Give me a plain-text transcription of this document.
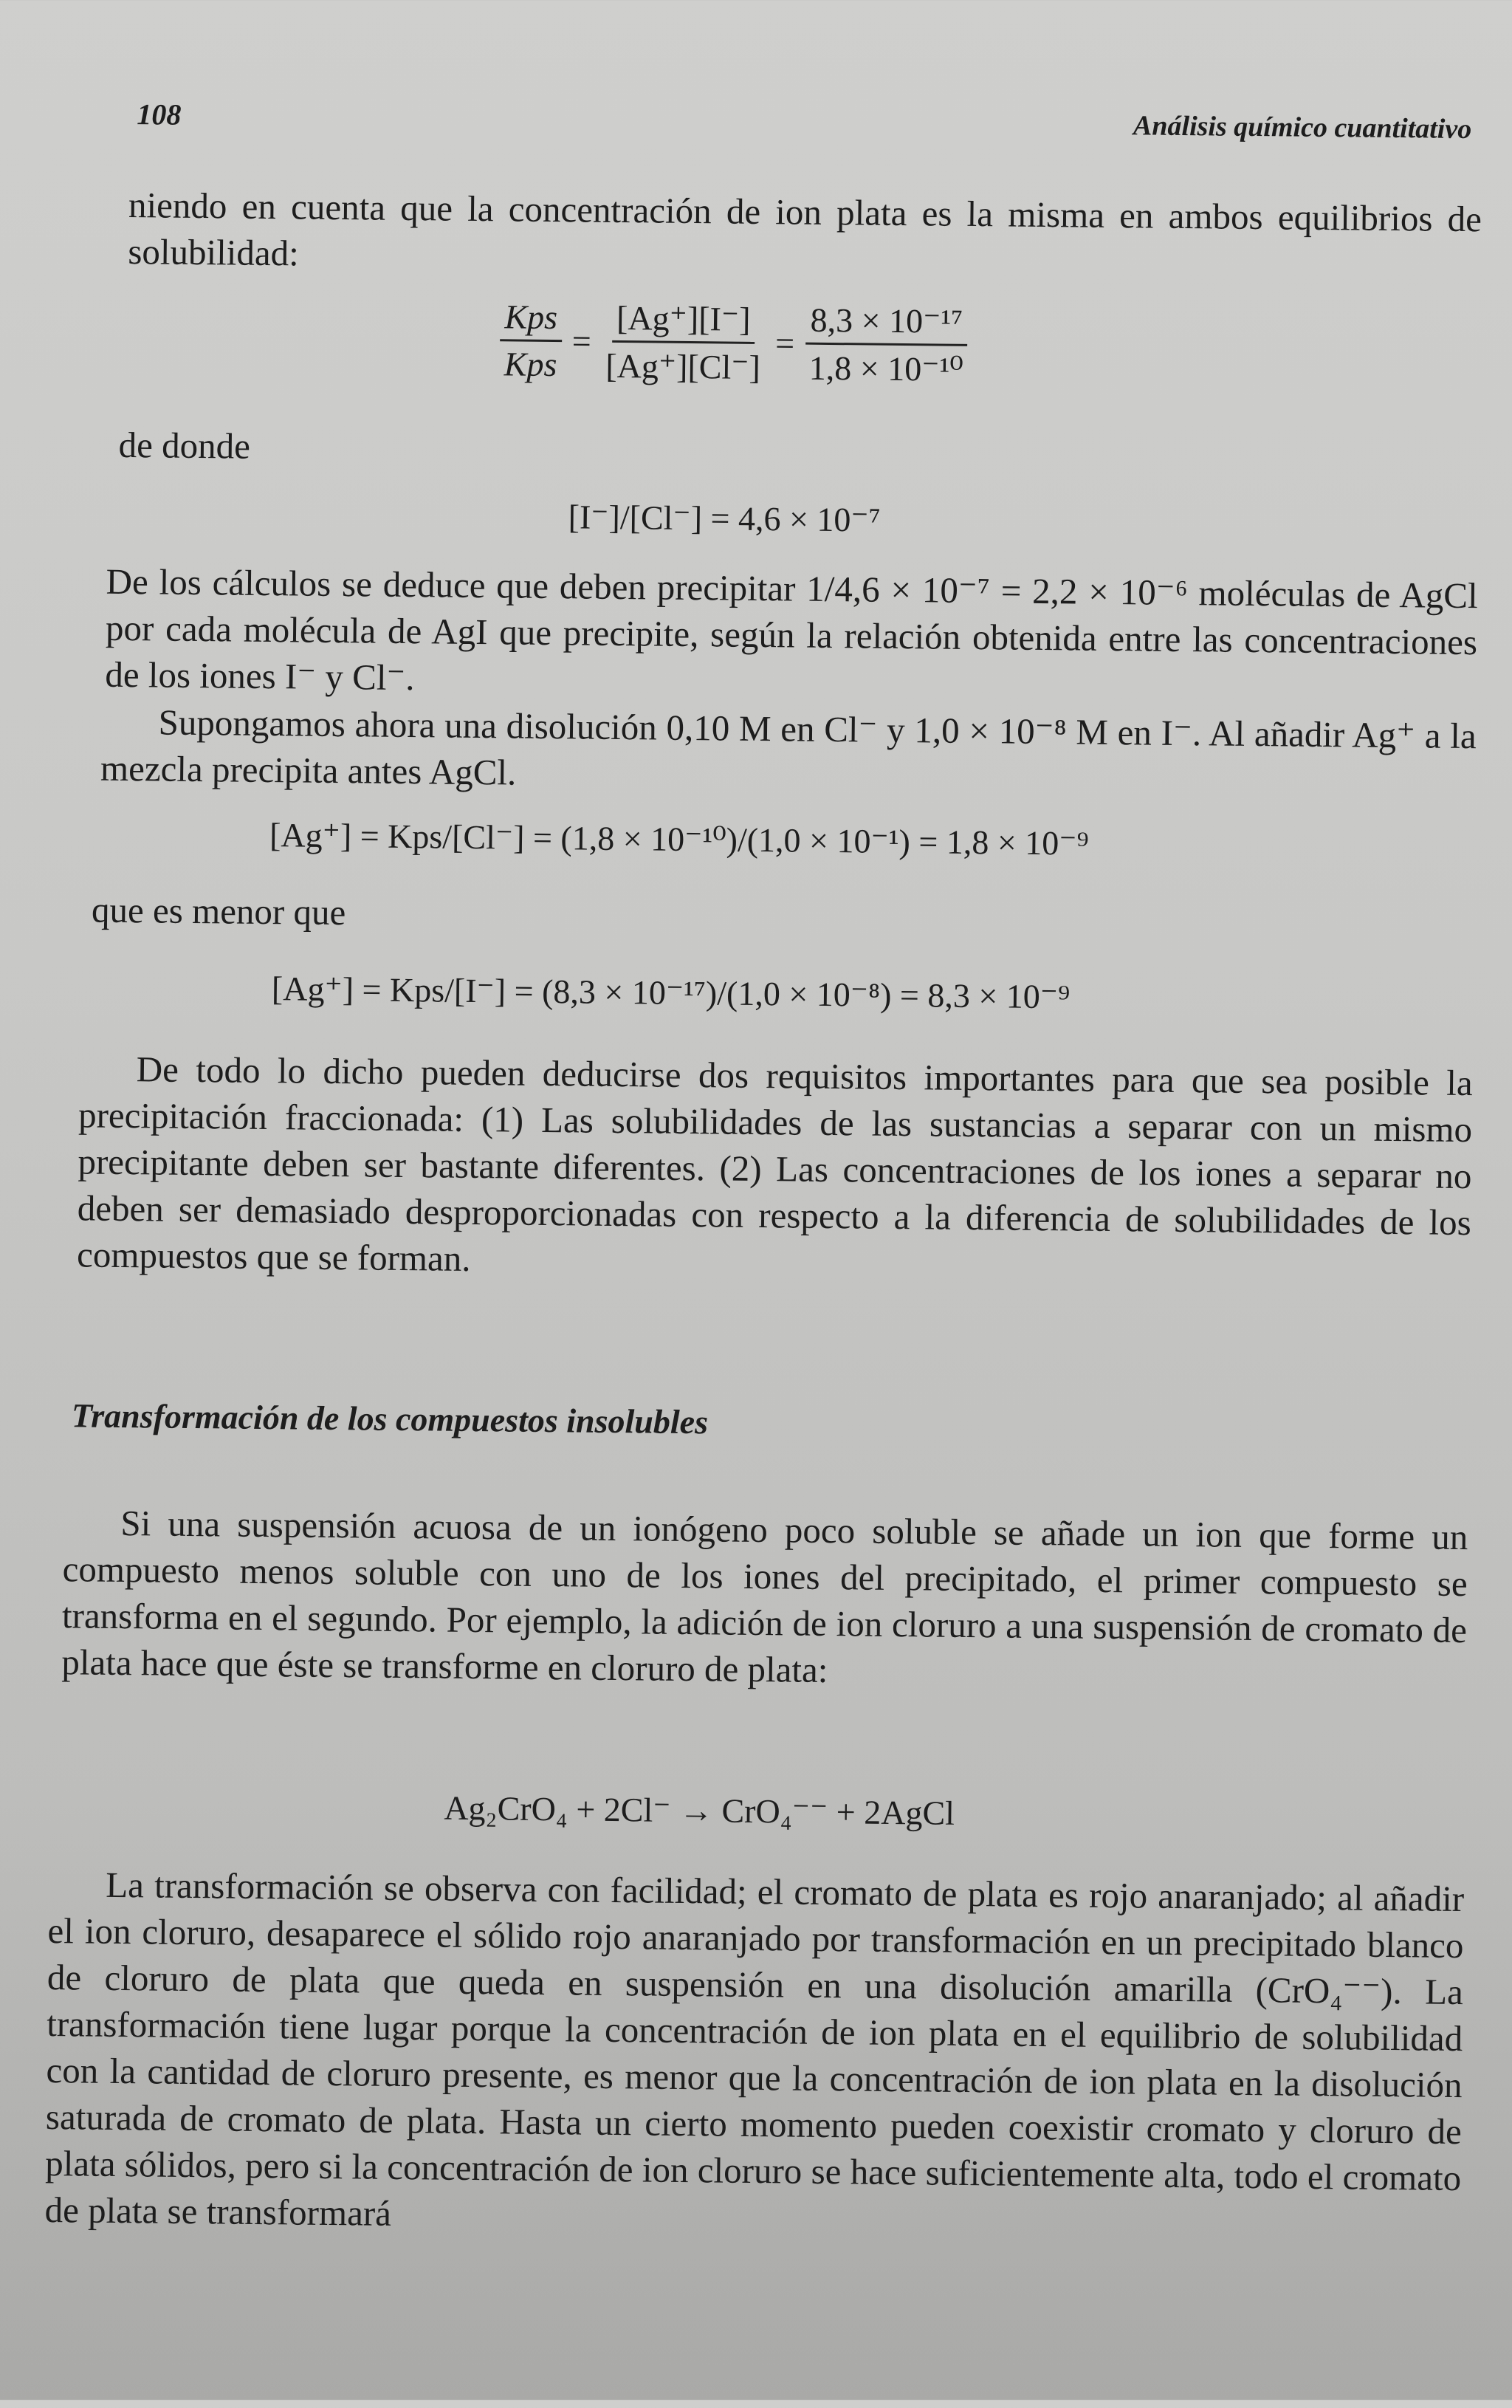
108	Análisis químico cuantitativo

niendo en cuenta que la concentración de ion plata es la misma en ambos equilibrios de solubilidad:

$\frac{\text{Kps}}{\text{Kps}} = \frac{[Ag^+][I^-]}{[Ag^+][Cl^-]} = \frac{\text{8,3 × 10⁻¹⁷}}{\text{1,8 × 10⁻¹⁰}}$

de donde

[I⁻]/[Cl⁻] = 4,6 × 10⁻⁷

De los cálculos se deduce que deben precipitar 1/4,6 × 10⁻⁷ = 2,2 × 10⁻⁶ moléculas de AgCl por cada molécula de AgI que precipite, según la relación obtenida entre las concentraciones de los iones I⁻ y Cl⁻.

Supongamos ahora una disolución 0,10 M en Cl⁻ y 1,0 × 10⁻⁸ M en I⁻. Al añadir Ag⁺ a la mezcla precipita antes AgCl.

[Ag⁺] = Kps/[Cl⁻] = (1,8 × 10⁻¹⁰)/(1,0 × 10⁻¹) = 1,8 × 10⁻⁹

que es menor que

[Ag⁺] = Kps/[I⁻] = (8,3 × 10⁻¹⁷)/(1,0 × 10⁻⁸) = 8,3 × 10⁻⁹

De todo lo dicho pueden deducirse dos requisitos importantes para que sea posible la precipitación fraccionada: (1) Las solubilidades de las sustancias a separar con un mismo precipitante deben ser bastante diferentes. (2) Las concentraciones de los iones a separar no deben ser demasiado desproporcionadas con respecto a la diferencia de solubilidades de los compuestos que se forman.

Transformación de los compuestos insolubles

Si una suspensión acuosa de un ionógeno poco soluble se añade un ion que forme un compuesto menos soluble con uno de los iones del precipitado, el primer compuesto se transforma en el segundo. Por ejemplo, la adición de ion cloruro a una suspensión de cromato de plata hace que éste se transforme en cloruro de plata:

Ag₂CrO₄ + 2Cl⁻ → CrO₄⁻⁻ + 2AgCl

La transformación se observa con facilidad; el cromato de plata es rojo anaranjado; al añadir el ion cloruro, desaparece el sólido rojo anaranjado por transformación en un precipitado blanco de cloruro de plata que queda en suspensión en una disolución amarilla (CrO₄⁻⁻). La transformación tiene lugar porque la concentración de ion plata en el equilibrio de solubilidad con la cantidad de cloruro presente, es menor que la concentración de ion plata en la disolución saturada de cromato de plata. Hasta un cierto momento pueden coexistir cromato y cloruro de plata sólidos, pero si la concentración de ion cloruro se hace suficientemente alta, todo el cromato de plata se transformará
